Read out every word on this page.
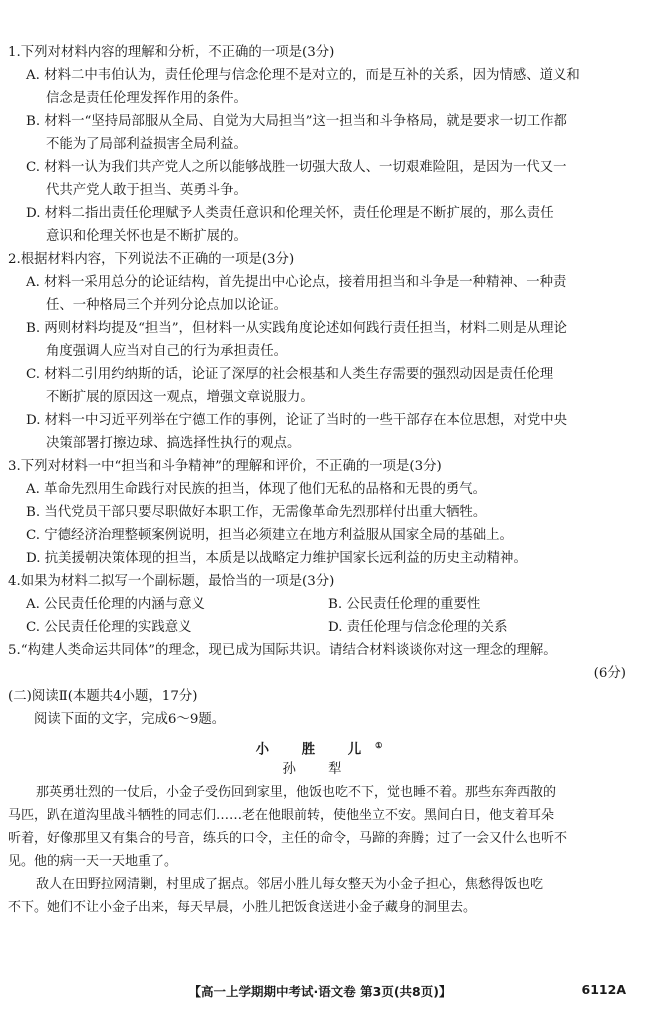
1.下列对材料内容的理解和分析，不正确的一项是(3分)
A. 材料二中韦伯认为，责任伦理与信念伦理不是对立的，而是互补的关系，因为情感、道义和
信念是责任伦理发挥作用的条件。
B. 材料一“坚持局部服从全局、自觉为大局担当”这一担当和斗争格局，就是要求一切工作都
不能为了局部利益损害全局利益。
C. 材料一认为我们共产党人之所以能够战胜一切强大敌人、一切艰难险阻，是因为一代又一
代共产党人敢于担当、英勇斗争。
D. 材料二指出责任伦理赋予人类责任意识和伦理关怀，责任伦理是不断扩展的，那么责任
意识和伦理关怀也是不断扩展的。
2.根据材料内容，下列说法不正确的一项是(3分)
A. 材料一采用总分的论证结构，首先提出中心论点，接着用担当和斗争是一种精神、一种责
任、一种格局三个并列分论点加以论证。
B. 两则材料均提及“担当”，但材料一从实践角度论述如何践行责任担当，材料二则是从理论
角度强调人应当对自己的行为承担责任。
C. 材料二引用约纳斯的话，论证了深厚的社会根基和人类生存需要的强烈动因是责任伦理
不断扩展的原因这一观点，增强文章说服力。
D. 材料一中习近平列举在宁德工作的事例，论证了当时的一些干部存在本位思想，对党中央
决策部署打擦边球、搞选择性执行的观点。
3.下列对材料一中“担当和斗争精神”的理解和评价，不正确的一项是(3分)
A. 革命先烈用生命践行对民族的担当，体现了他们无私的品格和无畏的勇气。
B. 当代党员干部只要尽职做好本职工作，无需像革命先烈那样付出重大牺牲。
C. 宁德经济治理整顿案例说明，担当必须建立在地方利益服从国家全局的基础上。
D. 抗美援朝决策体现的担当，本质是以战略定力维护国家长远利益的历史主动精神。
4.如果为材料二拟写一个副标题，最恰当的一项是(3分)
A. 公民责任伦理的内涵与意义	B. 公民责任伦理的重要性
C. 公民责任伦理的实践意义	D. 责任伦理与信念伦理的关系
5.“构建人类命运共同体”的理念，现已成为国际共识。请结合材料谈谈你对这一理念的理解。
(6分)
(二)阅读Ⅱ(本题共4小题，17分)
阅读下面的文字，完成6～9题。
小 胜 儿①
孙 犁
那英勇壮烈的一仗后，小金子受伤回到家里，他饭也吃不下，觉也睡不着。那些东奔西散的
马匹，趴在道沟里战斗牺牲的同志们……老在他眼前转，使他坐立不安。黑间白日，他支着耳朵
听着，好像那里又有集合的号音，练兵的口令，主任的命令，马蹄的奔腾；过了一会又什么也听不
见。他的病一天一天地重了。
敌人在田野拉网清剿，村里成了据点。邻居小胜儿每女整天为小金子担心，焦愁得饭也吃
不下。她们不让小金子出来，每天早晨，小胜儿把饭食送进小金子藏身的洞里去。
【高一上学期期中考试·语文卷 第3页(共8页)】	6112A
